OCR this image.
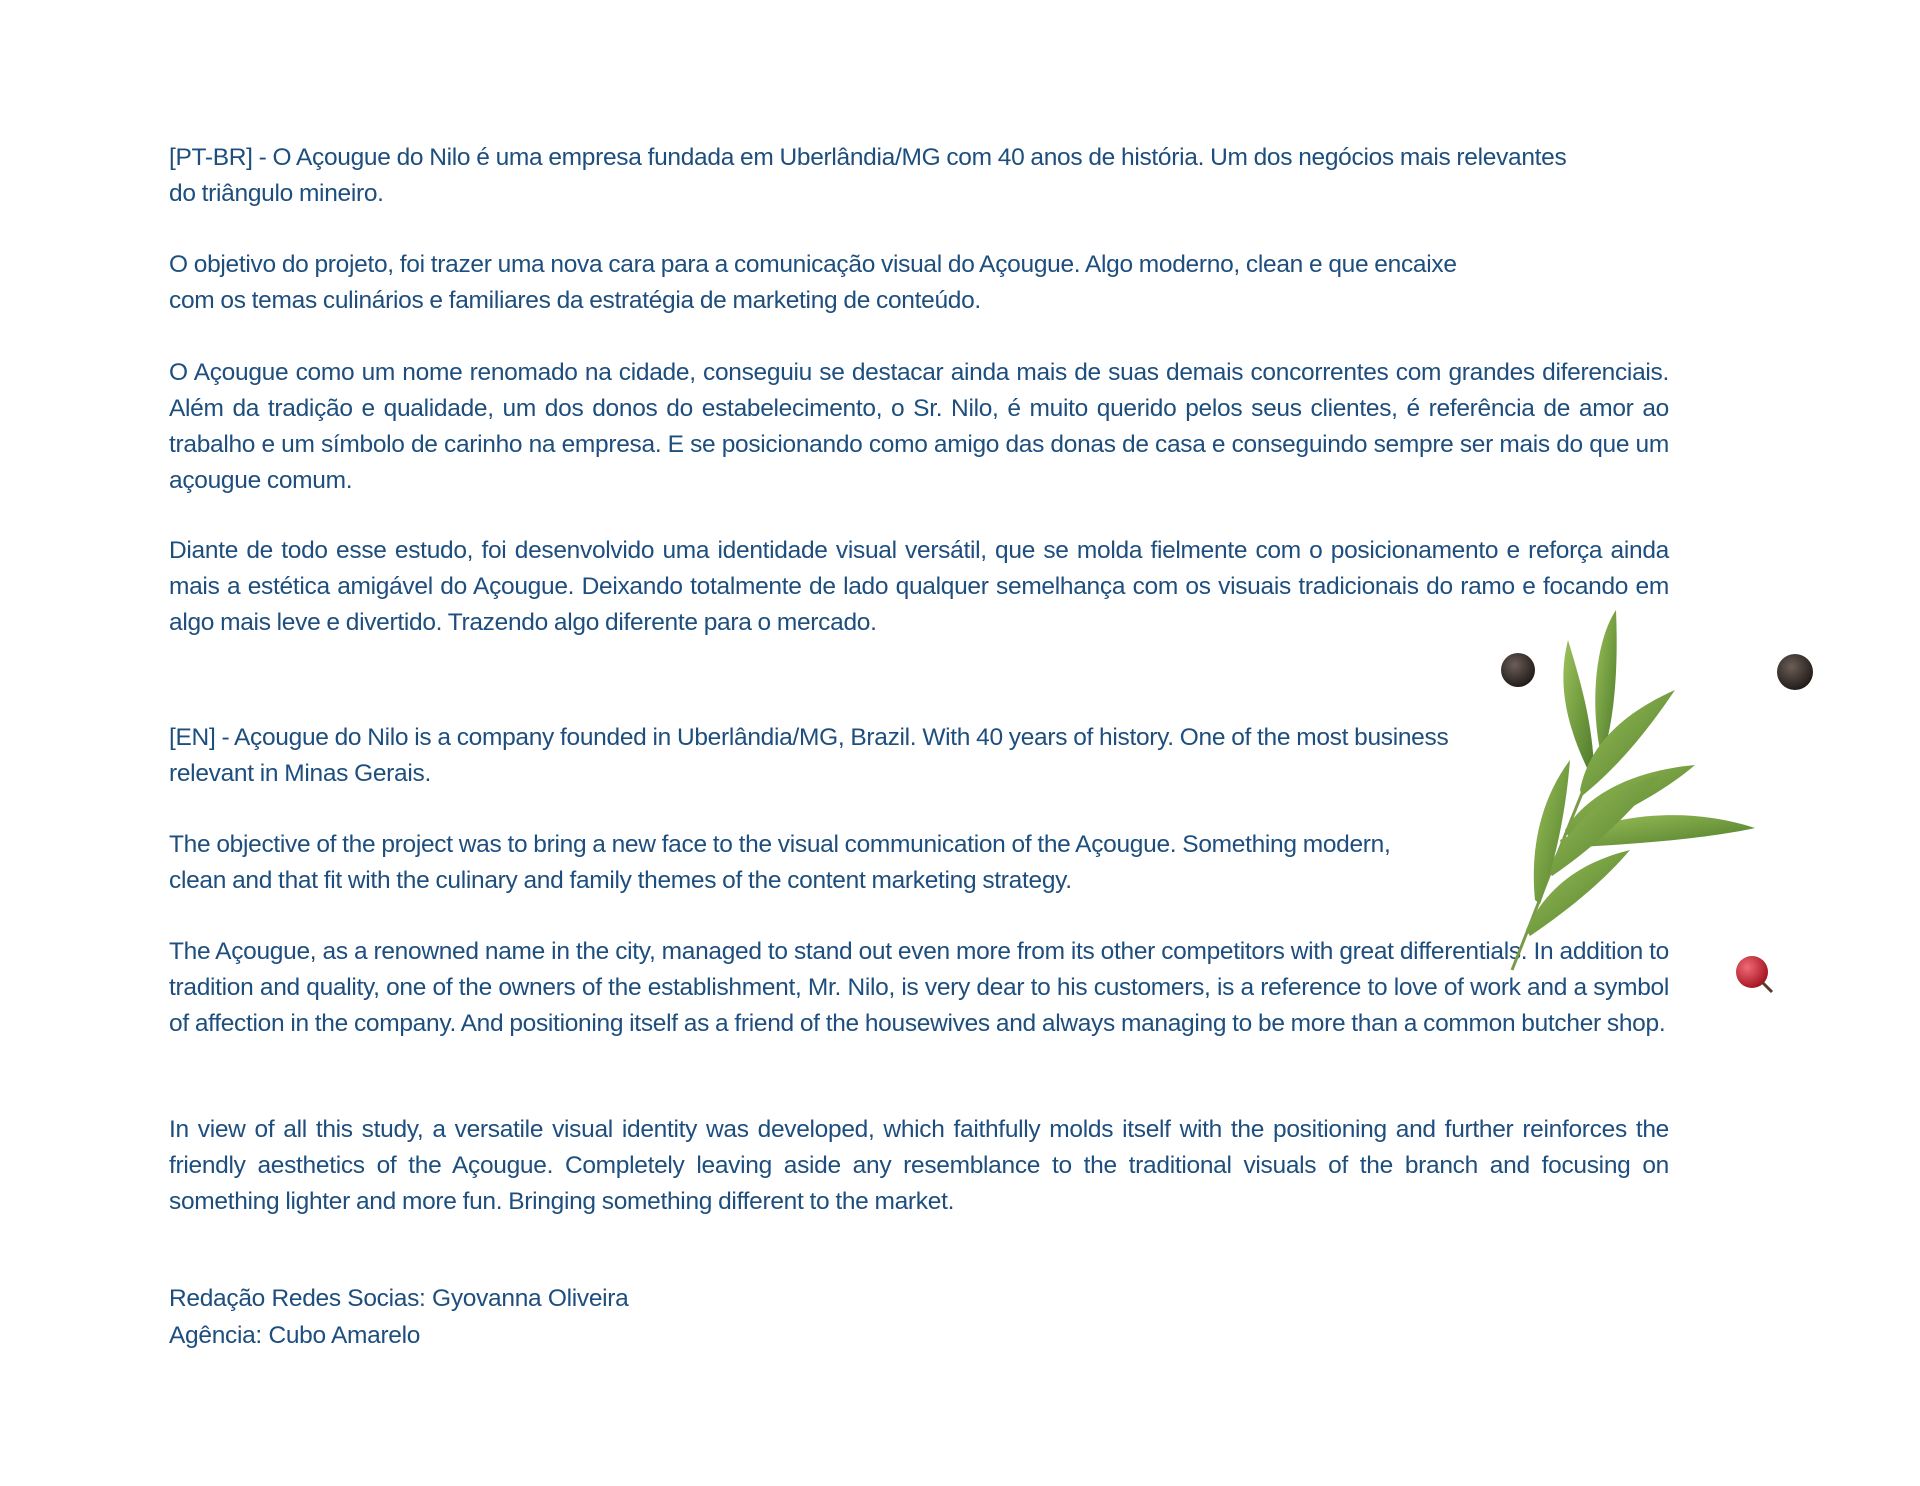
[PT-BR] - O Açougue do Nilo é uma empresa fundada em Uberlândia/MG com 40 anos de história. Um dos negócios mais relevantes do triângulo mineiro.

O objetivo do projeto, foi trazer uma nova cara para a comunicação visual do Açougue. Algo moderno, clean e que encaixe com os temas culinários e familiares da estratégia de marketing de conteúdo.

O Açougue como um nome renomado na cidade, conseguiu se destacar ainda mais de suas demais concorrentes com grandes diferenciais. Além da tradição e qualidade, um dos donos do estabelecimento, o Sr. Nilo, é muito querido pelos seus clientes, é referência de amor ao trabalho e um símbolo de carinho na empresa. E se posicionando como amigo das donas de casa e conseguindo sempre ser mais do que um açougue comum.

Diante de todo esse estudo, foi desenvolvido uma identidade visual versátil, que se molda fielmente com o posicionamento e reforça ainda mais a estética amigável do Açougue. Deixando totalmente de lado qualquer semelhança com os visuais tradicionais do ramo e focando em algo mais leve e divertido. Trazendo algo diferente para o mercado.

[EN] - Açougue do Nilo is a company founded in Uberlândia/MG, Brazil. With 40 years of history. One of the most business relevant in Minas Gerais.

The objective of the project was to bring a new face to the visual communication of the Açougue. Something modern, clean and that fit with the culinary and family themes of the content marketing strategy.

The Açougue, as a renowned name in the city, managed to stand out even more from its other competitors with great differentials. In addition to tradition and quality, one of the owners of the establishment, Mr. Nilo, is very dear to his customers, is a reference to love of work and a symbol of affection in the company. And positioning itself as a friend of the housewives and always managing to be more than a common butcher shop.

In view of all this study, a versatile visual identity was developed, which faithfully molds itself with the positioning and further reinforces the friendly aesthetics of the Açougue. Completely leaving aside any resemblance to the traditional visuals of the branch and focusing on something lighter and more fun. Bringing something different to the market.

Redação Redes Socias: Gyovanna Oliveira
Agência: Cubo Amarelo
